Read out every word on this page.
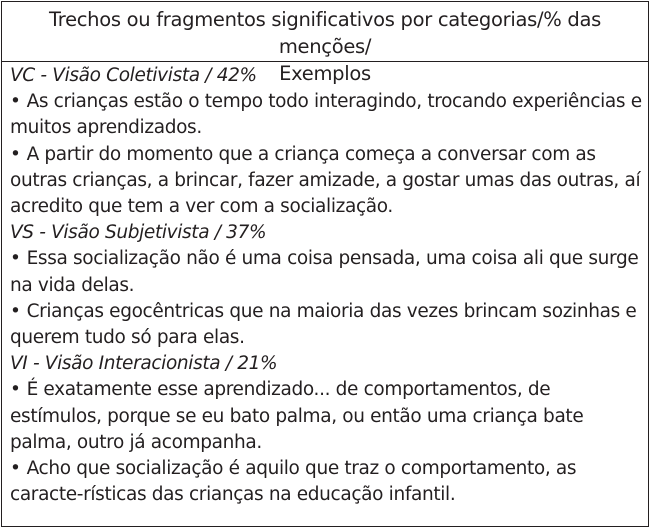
Trechos ou fragmentos significativos por categorias/% das menções/
Exemplos
VC - Visão Coletivista / 42%
• As crianças estão o tempo todo interagindo, trocando experiências e muitos aprendizados.
• A partir do momento que a criança começa a conversar com as outras crianças, a brincar, fazer amizade, a gostar umas das outras, aí acredito que tem a ver com a socialização.
VS - Visão Subjetivista / 37%
• Essa socialização não é uma coisa pensada, uma coisa ali que surge na vida delas.
• Crianças egocêntricas que na maioria das vezes brincam sozinhas e querem tudo só para elas.
VI - Visão Interacionista / 21%
• É exatamente esse aprendizado... de comportamentos, de estímulos, porque se eu bato palma, ou então uma criança bate palma, outro já acompanha.
• Acho que socialização é aquilo que traz o comportamento, as caracte-rísticas das crianças na educação infantil.
